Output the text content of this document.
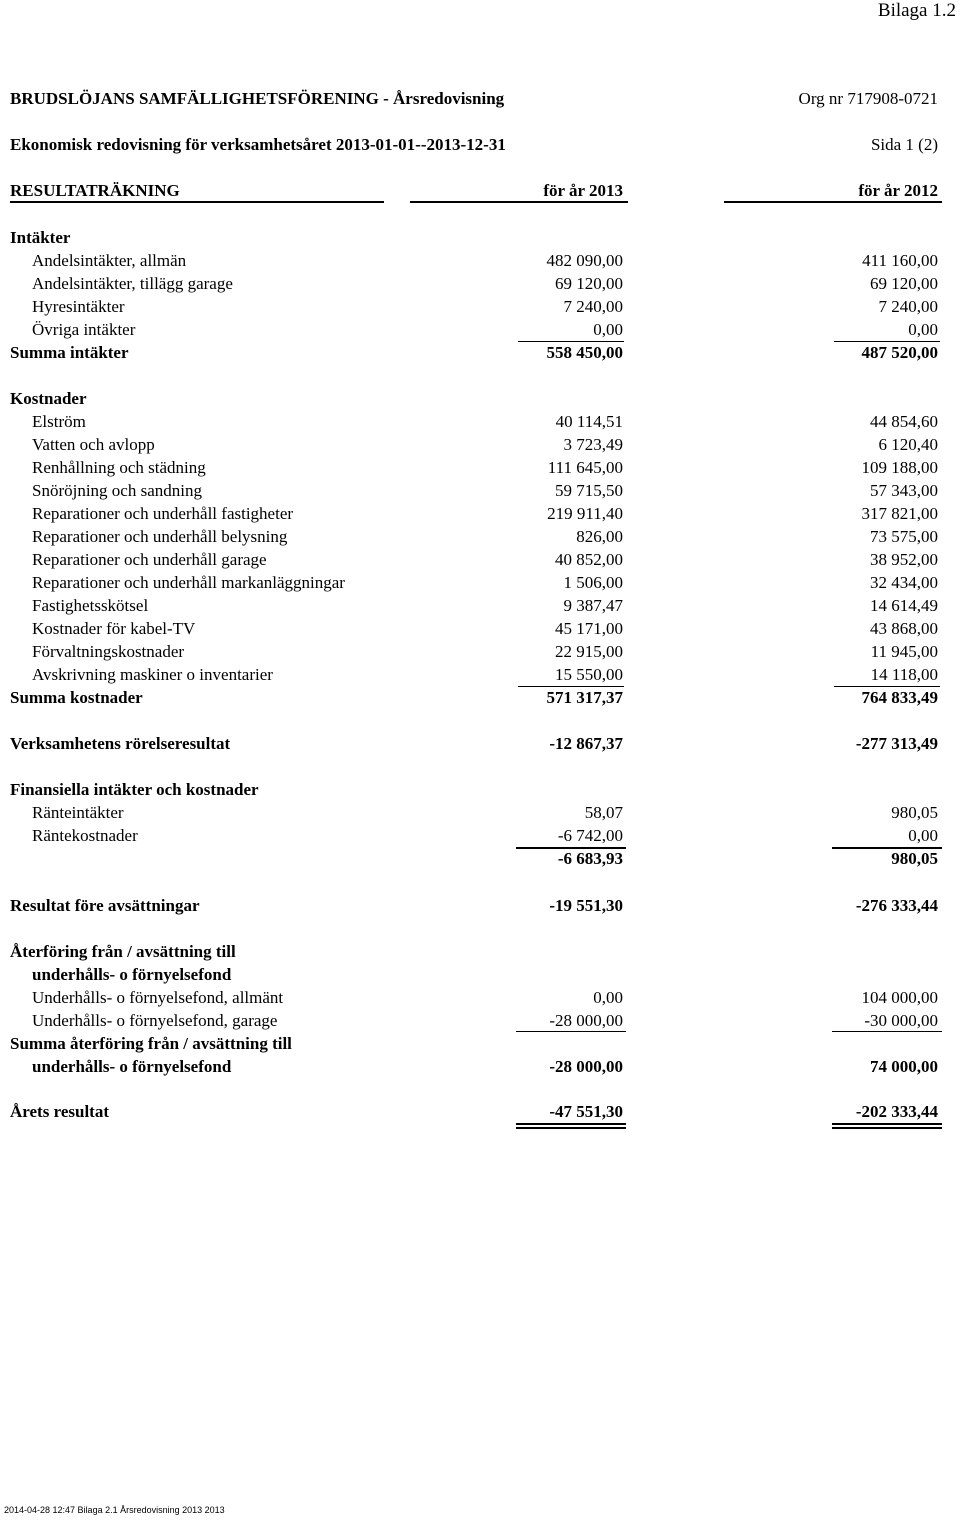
Bilaga 1.2
BRUDSLÖJANS SAMFÄLLIGHETSFÖRENING - Årsredovisning	Org nr 717908-0721
Ekonomisk redovisning för verksamhetsåret 2013-01-01--2013-12-31	Sida 1 (2)
RESULTATRÄKNING	för år 2013	för år 2012
Intäkter
Andelsintäkter, allmän	482 090,00	411 160,00
Andelsintäkter, tillägg garage	69 120,00	69 120,00
Hyresintäkter	7 240,00	7 240,00
Övriga intäkter	0,00	0,00
Summa intäkter	558 450,00	487 520,00
Kostnader
Elström	40 114,51	44 854,60
Vatten och avlopp	3 723,49	6 120,40
Renhållning och städning	111 645,00	109 188,00
Snöröjning och sandning	59 715,50	57 343,00
Reparationer och underhåll fastigheter	219 911,40	317 821,00
Reparationer och underhåll belysning	826,00	73 575,00
Reparationer och underhåll garage	40 852,00	38 952,00
Reparationer och underhåll markanläggningar	1 506,00	32 434,00
Fastighetsskötsel	9 387,47	14 614,49
Kostnader för kabel-TV	45 171,00	43 868,00
Förvaltningskostnader	22 915,00	11 945,00
Avskrivning maskiner o inventarier	15 550,00	14 118,00
Summa kostnader	571 317,37	764 833,49
Verksamhetens rörelseresultat	-12 867,37	-277 313,49
Finansiella intäkter och kostnader
Ränteintäkter	58,07	980,05
Räntekostnader	-6 742,00	0,00
-6 683,93	980,05
Resultat före avsättningar	-19 551,30	-276 333,44
Återföring från / avsättning till
underhålls- o förnyelsefond
Underhålls- o förnyelsefond, allmänt	0,00	104 000,00
Underhålls- o förnyelsefond, garage	-28 000,00	-30 000,00
Summa återföring från / avsättning till
underhålls- o förnyelsefond	-28 000,00	74 000,00
Årets resultat	-47 551,30	-202 333,44
2014-04-28 12:47 Bilaga 2.1 Årsredovisning 2013 2013
